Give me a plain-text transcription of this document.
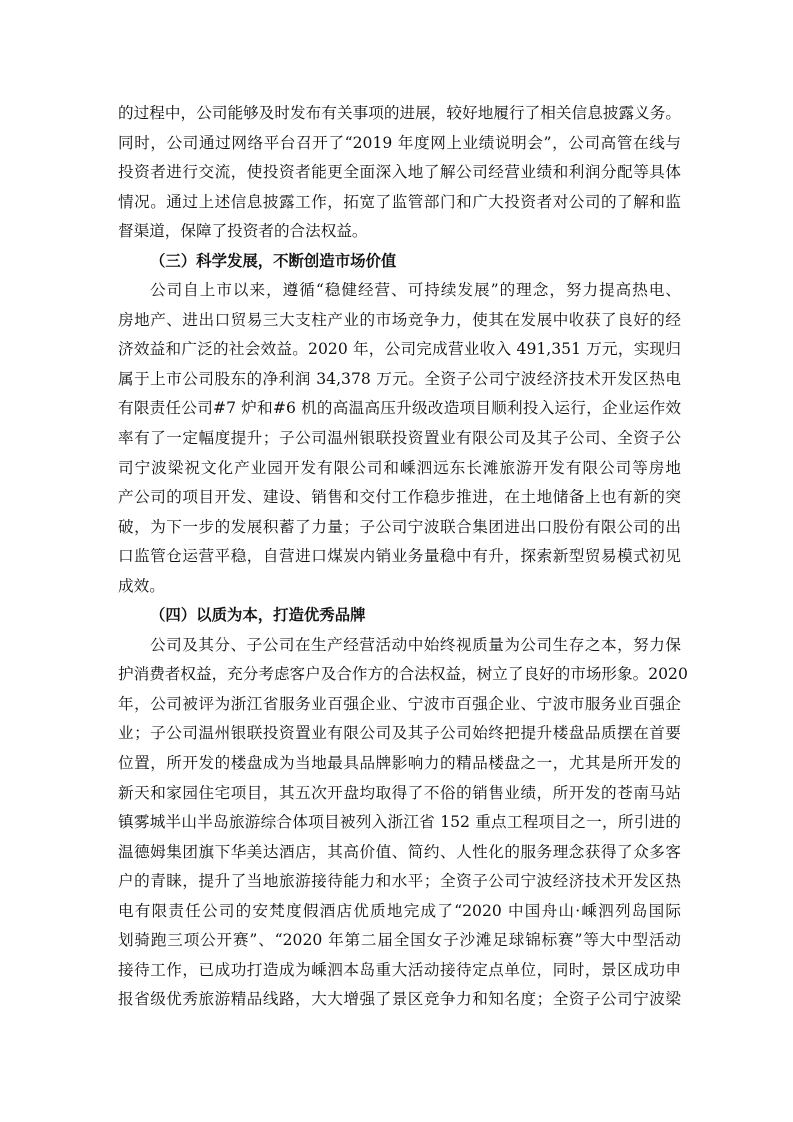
的过程中，公司能够及时发布有关事项的进展，较好地履行了相关信息披露义务。
同时，公司通过网络平台召开了“2019 年度网上业绩说明会”，公司高管在线与
投资者进行交流，使投资者能更全面深入地了解公司经营业绩和利润分配等具体
情况。通过上述信息披露工作，拓宽了监管部门和广大投资者对公司的了解和监
督渠道，保障了投资者的合法权益。
（三）科学发展，不断创造市场价值
公司自上市以来，遵循“稳健经营、可持续发展”的理念，努力提高热电、
房地产、进出口贸易三大支柱产业的市场竞争力，使其在发展中收获了良好的经
济效益和广泛的社会效益。2020 年，公司完成营业收入 491,351 万元，实现归
属于上市公司股东的净利润 34,378 万元。全资子公司宁波经济技术开发区热电
有限责任公司#7 炉和#6 机的高温高压升级改造项目顺利投入运行，企业运作效
率有了一定幅度提升；子公司温州银联投资置业有限公司及其子公司、全资子公
司宁波梁祝文化产业园开发有限公司和嵊泗远东长滩旅游开发有限公司等房地
产公司的项目开发、建设、销售和交付工作稳步推进，在土地储备上也有新的突
破，为下一步的发展积蓄了力量；子公司宁波联合集团进出口股份有限公司的出
口监管仓运营平稳，自营进口煤炭内销业务量稳中有升，探索新型贸易模式初见
成效。
（四）以质为本，打造优秀品牌
公司及其分、子公司在生产经营活动中始终视质量为公司生存之本，努力保
护消费者权益，充分考虑客户及合作方的合法权益，树立了良好的市场形象。2020
年，公司被评为浙江省服务业百强企业、宁波市百强企业、宁波市服务业百强企
业；子公司温州银联投资置业有限公司及其子公司始终把提升楼盘品质摆在首要
位置，所开发的楼盘成为当地最具品牌影响力的精品楼盘之一，尤其是所开发的
新天和家园住宅项目，其五次开盘均取得了不俗的销售业绩，所开发的苍南马站
镇雾城半山半岛旅游综合体项目被列入浙江省 152 重点工程项目之一，所引进的
温德姆集团旗下华美达酒店，其高价值、简约、人性化的服务理念获得了众多客
户的青睐，提升了当地旅游接待能力和水平；全资子公司宁波经济技术开发区热
电有限责任公司的安梵度假酒店优质地完成了“2020 中国舟山·嵊泗列岛国际
划骑跑三项公开赛”、“2020 年第二届全国女子沙滩足球锦标赛”等大中型活动
接待工作，已成功打造成为嵊泗本岛重大活动接待定点单位，同时，景区成功申
报省级优秀旅游精品线路，大大增强了景区竞争力和知名度；全资子公司宁波梁
